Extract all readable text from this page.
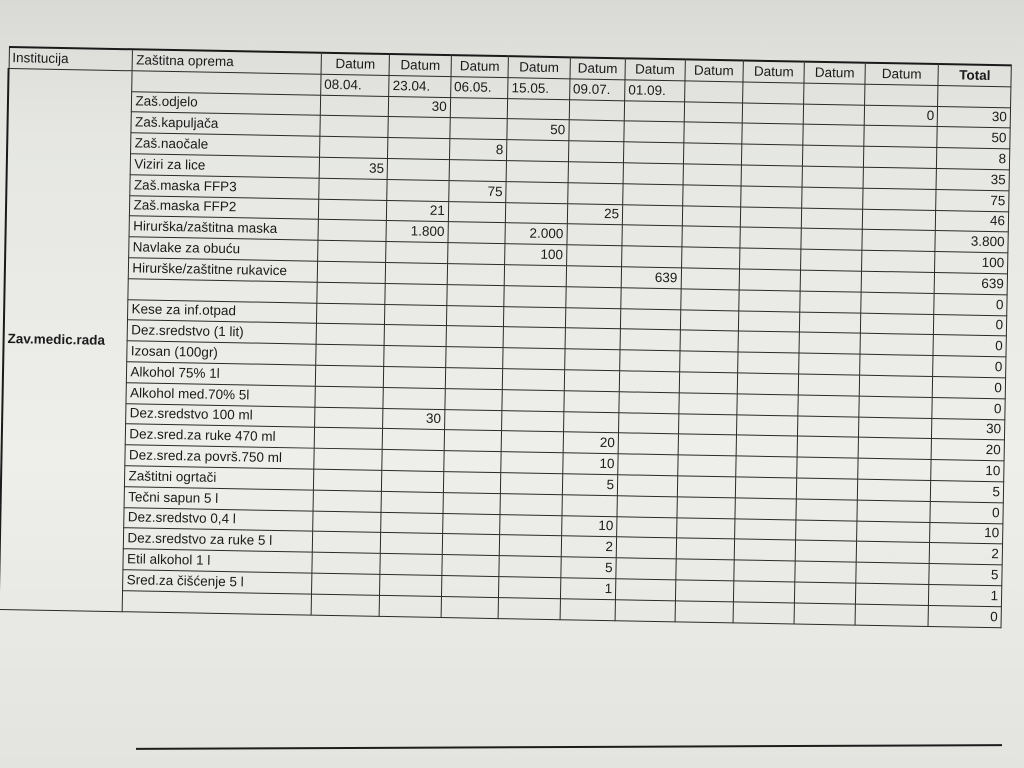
Institucija	Zaštitna oprema	Datum	Datum	Datum	Datum	Datum	Datum	Datum	Datum	Datum	Datum	Total
Zav.medic.rada		08.04.	23.04.	06.05.	15.05.	09.07.	01.09.					
	Zaš.odjelo		30								0	30
	Zaš.kapuljača				50							50
	Zaš.naočale			8								8
	Viziri za lice	35										35
	Zaš.maska FFP3			75								75
	Zaš.maska FFP2		21			25						46
	Hirurška/zaštitna maska		1.800		2.000							3.800
	Navlake za obuću				100							100
	Hirurške/zaštitne rukavice						639					639
												0
	Kese za inf.otpad											0
	Dez.sredstvo (1 lit)											0
	Izosan (100gr)											0
	Alkohol 75% 1l											0
	Alkohol med.70% 5l											0
	Dez.sredstvo 100 ml		30									30
	Dez.sred.za ruke 470 ml					20						20
	Dez.sred.za površ.750 ml					10						10
	Zaštitni ogrtači					5						5
	Tečni sapun 5 l											0
	Dez.sredstvo 0,4 l					10						10
	Dez.sredstvo za ruke 5 l					2						2
	Etil alkohol 1 l					5						5
	Sred.za čišćenje 5 l					1						1
												0
